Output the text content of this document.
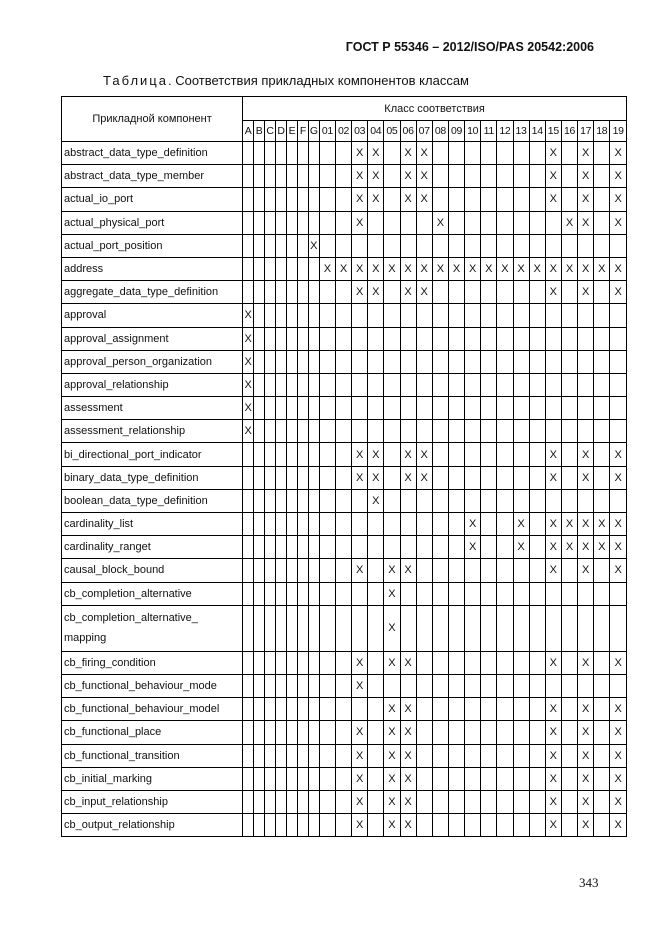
ГОСТ Р 55346 – 2012/ISO/PAS 20542:2006
Таблица. Соответствия прикладных компонентов классам
Прикладной компонент	Класс соответствия																									
	A	B	C	D	E	F	G	01	02	03	04	05	06	07	08	09	10	11	12	13	14	15	16	17	18	19
abstract_data_type_definition										X	X		X	X								X		X		X
abstract_data_type_member										X	X		X	X								X		X		X
actual_io_port										X	X		X	X								X		X		X
actual_physical_port										X					X								X	X		X
actual_port_position							X																			
address								X	X	X	X	X	X	X	X	X	X	X	X	X	X	X	X	X	X	X
aggregate_data_type_definition										X	X		X	X								X		X		X
approval	X																									
approval_assignment	X																									
approval_person_organization	X																									
approval_relationship	X																									
assessment	X																									
assessment_relationship	X																									
bi_directional_port_indicator										X	X		X	X								X		X		X
binary_data_type_definition										X	X		X	X								X		X		X
boolean_data_type_definition											X															
cardinality_list																	X			X		X	X	X	X	X
cardinality_ranget																	X			X		X	X	X	X	X
causal_block_bound										X		X	X									X		X		X
cb_completion_alternative												X														
cb_completion_alternative_
mapping												X														
cb_firing_condition										X		X	X									X		X		X
cb_functional_behaviour_mode										X																
cb_functional_behaviour_model												X	X									X		X		X
cb_functional_place										X		X	X									X		X		X
cb_functional_transition										X		X	X									X		X		X
cb_initial_marking										X		X	X									X		X		X
cb_input_relationship										X		X	X									X		X		X
cb_output_relationship										X		X	X									X		X		X
343
